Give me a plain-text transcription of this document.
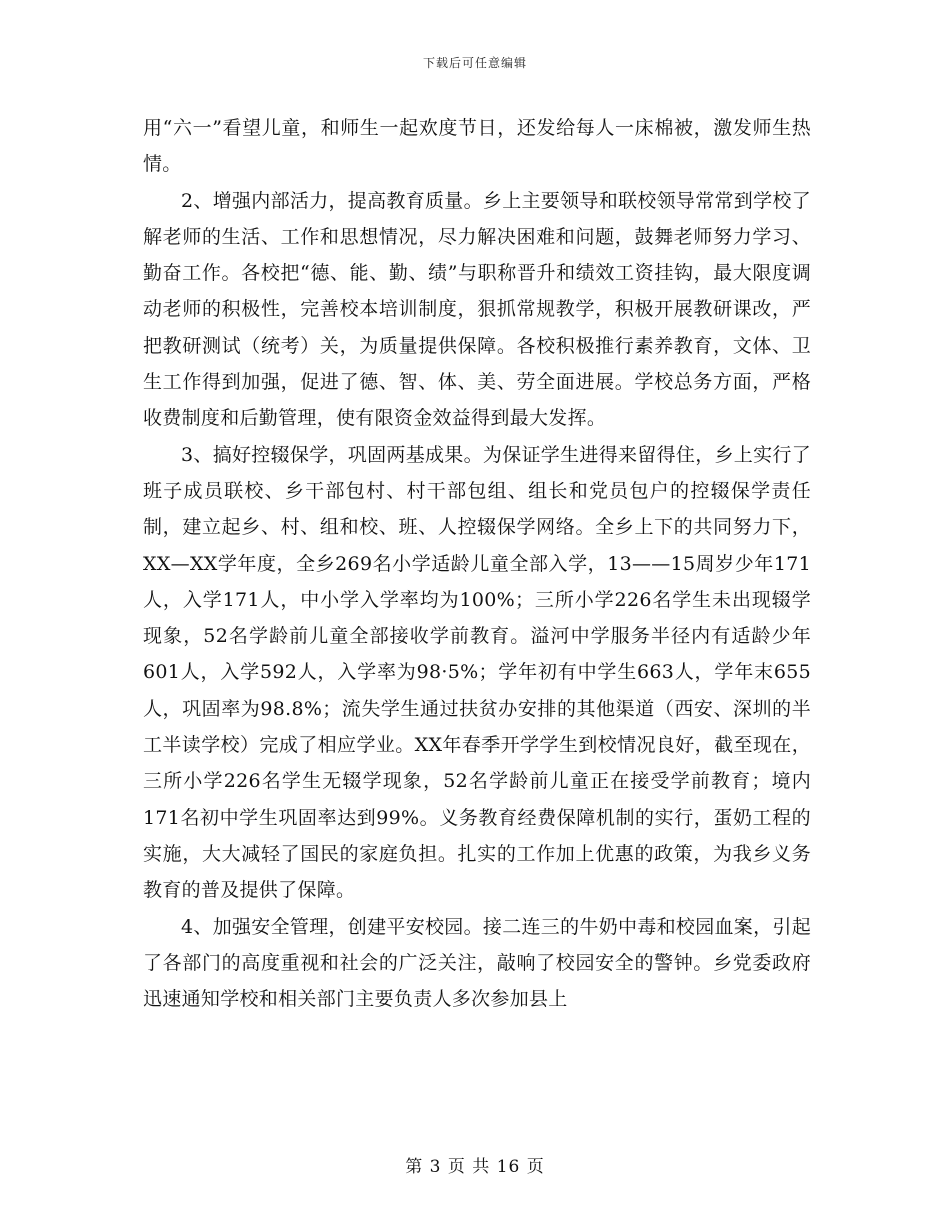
下载后可任意编辑

用“六一”看望儿童，和师生一起欢度节日，还发给每人一床棉被，激发师生热情。

2、增强内部活力，提高教育质量。乡上主要领导和联校领导常常到学校了解老师的生活、工作和思想情况，尽力解决困难和问题，鼓舞老师努力学习、勤奋工作。各校把“德、能、勤、绩”与职称晋升和绩效工资挂钩，最大限度调动老师的积极性，完善校本培训制度，狠抓常规教学，积极开展教研课改，严把教研测试（统考）关，为质量提供保障。各校积极推行素养教育，文体、卫生工作得到加强，促进了德、智、体、美、劳全面进展。学校总务方面，严格收费制度和后勤管理，使有限资金效益得到最大发挥。

3、搞好控辍保学，巩固两基成果。为保证学生进得来留得住，乡上实行了班子成员联校、乡干部包村、村干部包组、组长和党员包户的控辍保学责任制，建立起乡、村、组和校、班、人控辍保学网络。全乡上下的共同努力下，XX—XX学年度，全乡269名小学适龄儿童全部入学，13——15周岁少年171人，入学171人，中小学入学率均为100%；三所小学226名学生未出现辍学现象，52名学龄前儿童全部接收学前教育。溢河中学服务半径内有适龄少年601人，入学592人，入学率为98·5%；学年初有中学生663人，学年末655人，巩固率为98.8%；流失学生通过扶贫办安排的其他渠道（西安、深圳的半工半读学校）完成了相应学业。XX年春季开学学生到校情况良好，截至现在，三所小学226名学生无辍学现象，52名学龄前儿童正在接受学前教育；境内171名初中学生巩固率达到99%。义务教育经费保障机制的实行，蛋奶工程的实施，大大减轻了国民的家庭负担。扎实的工作加上优惠的政策，为我乡义务教育的普及提供了保障。

4、加强安全管理，创建平安校园。接二连三的牛奶中毒和校园血案，引起了各部门的高度重视和社会的广泛关注，敲响了校园安全的警钟。乡党委政府迅速通知学校和相关部门主要负责人多次参加县上

第 3 页 共 16 页
